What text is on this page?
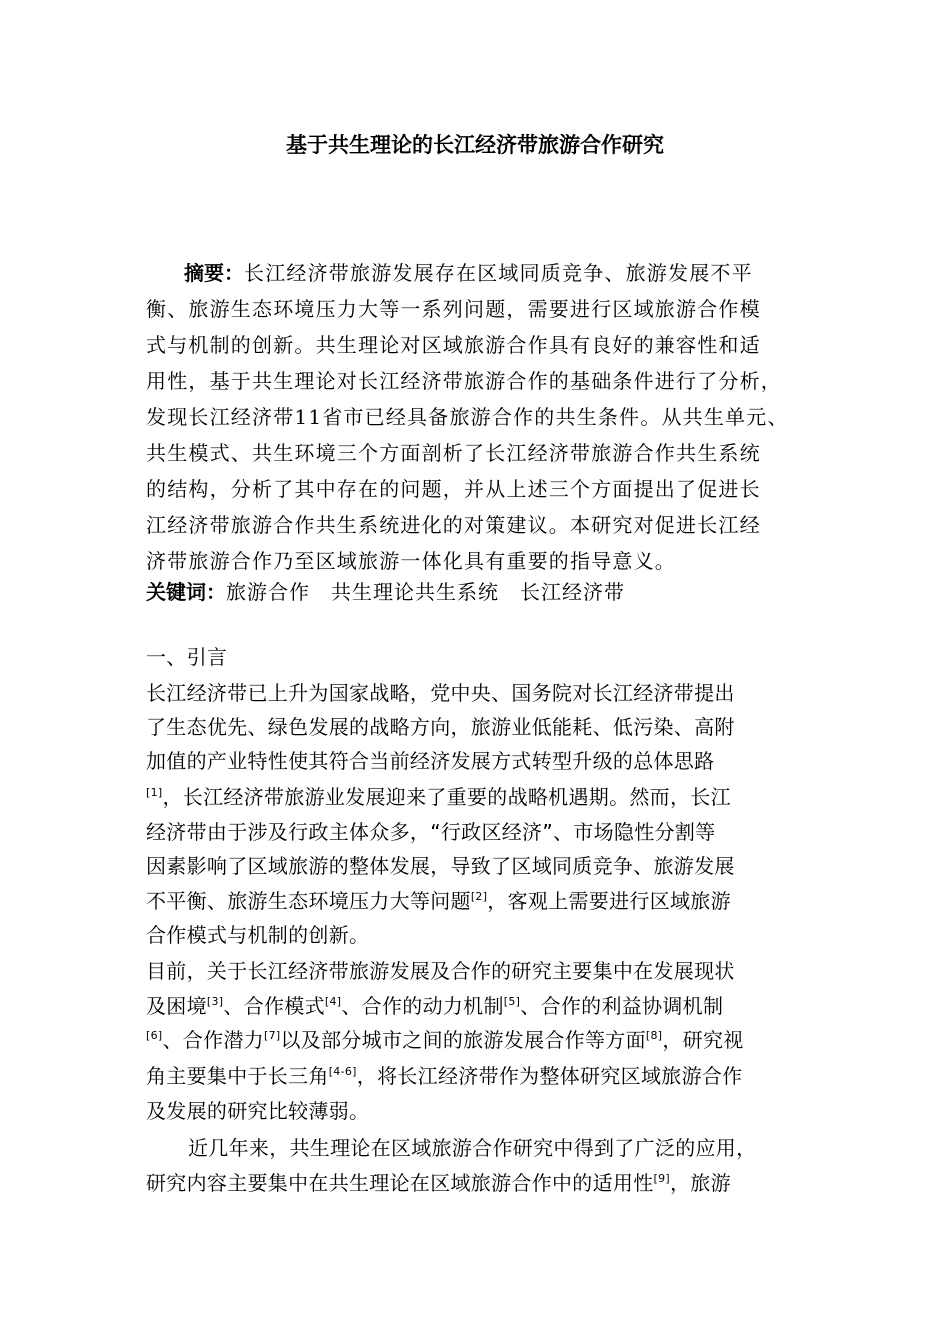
基于共生理论的长江经济带旅游合作研究

摘要：长江经济带旅游发展存在区域同质竞争、旅游发展不平

衡、旅游生态环境压力大等一系列问题，需要进行区域旅游合作模

式与机制的创新。共生理论对区域旅游合作具有良好的兼容性和适

用性，基于共生理论对长江经济带旅游合作的基础条件进行了分析，

发现长江经济带11省市已经具备旅游合作的共生条件。从共生单元、

共生模式、共生环境三个方面剖析了长江经济带旅游合作共生系统

的结构，分析了其中存在的问题，并从上述三个方面提出了促进长

江经济带旅游合作共生系统进化的对策建议。本研究对促进长江经

济带旅游合作乃至区域旅游一体化具有重要的指导意义。

关键词：旅游合作　共生理论共生系统　长江经济带

一、引言

长江经济带已上升为国家战略，党中央、国务院对长江经济带提出

了生态优先、绿色发展的战略方向，旅游业低能耗、低污染、高附

加值的产业特性使其符合当前经济发展方式转型升级的总体思路

[1]，长江经济带旅游业发展迎来了重要的战略机遇期。然而，长江

经济带由于涉及行政主体众多，“行政区经济”、市场隐性分割等

因素影响了区域旅游的整体发展，导致了区域同质竞争、旅游发展

不平衡、旅游生态环境压力大等问题[2]，客观上需要进行区域旅游

合作模式与机制的创新。

目前，关于长江经济带旅游发展及合作的研究主要集中在发展现状

及困境[3]、合作模式[4]、合作的动力机制[5]、合作的利益协调机制

[6]、合作潜力[7]以及部分城市之间的旅游发展合作等方面[8]，研究视

角主要集中于长三角[4-6]，将长江经济带作为整体研究区域旅游合作

及发展的研究比较薄弱。

近几年来，共生理论在区域旅游合作研究中得到了广泛的应用，

研究内容主要集中在共生理论在区域旅游合作中的适用性[9]，旅游
